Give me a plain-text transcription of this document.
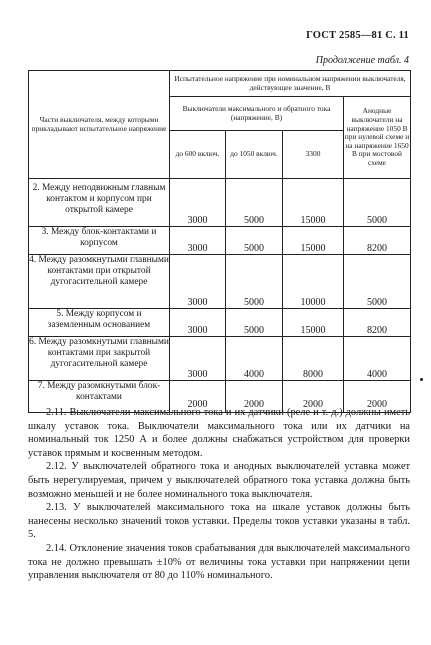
ГОСТ 2585—81 С. 11
Продолжение табл. 4
Части выключателя, между которыми прикладывают испытательное напряжение	Испытательное напряжение при номинальном напряжении выключателя, действующее значение, В			
	Выключатели максимального и обратного тока (напряжение, В)			Анодные выключатели на напряжение 1050 В при нулевой схеме и на напряжение 1650 В при мостовой схеме
	до 600 включ.	до 1050 включ.	3300	
2. Между неподвижным главным контактом и корпусом при открытой камере	3000	5000	15000	5000
3. Между блок-контактами и корпусом	3000	5000	15000	8200
4. Между разомкнутыми главными контактами при открытой дугогасительной камере	3000	5000	10000	5000
5. Между корпусом и заземленным основанием	3000	5000	15000	8200
6. Между разомкнутыми главными контактами при закрытой дугогасительной камере	3000	4000	8000	4000
7. Между разомкнутыми блок-контактами	2000	2000	2000	2000

2.11. Выключатели максимального тока и их датчики (реле и т. д.) должны иметь шкалу уставок тока. Выключатели максимального тока или их датчики на номинальный ток 1250 А и более должны снабжаться устройством для проверки уставок прямым и косвенным методом.

2.12. У выключателей обратного тока и анодных выключателей уставка может быть нерегулируемая, причем у выключателей обратного тока уставка должна быть возможно меньшей и не более номинального тока выключателя.

2.13. У выключателей максимального тока на шкале уставок должны быть нанесены несколько значений токов уставки. Пределы токов уставки указаны в табл. 5.

2.14. Отклонение значения токов срабатывания для выключателей максимального тока не должно превышать ±10% от величины тока уставки при напряжении цепи управления выключателя от 80 до 110% номинального.
